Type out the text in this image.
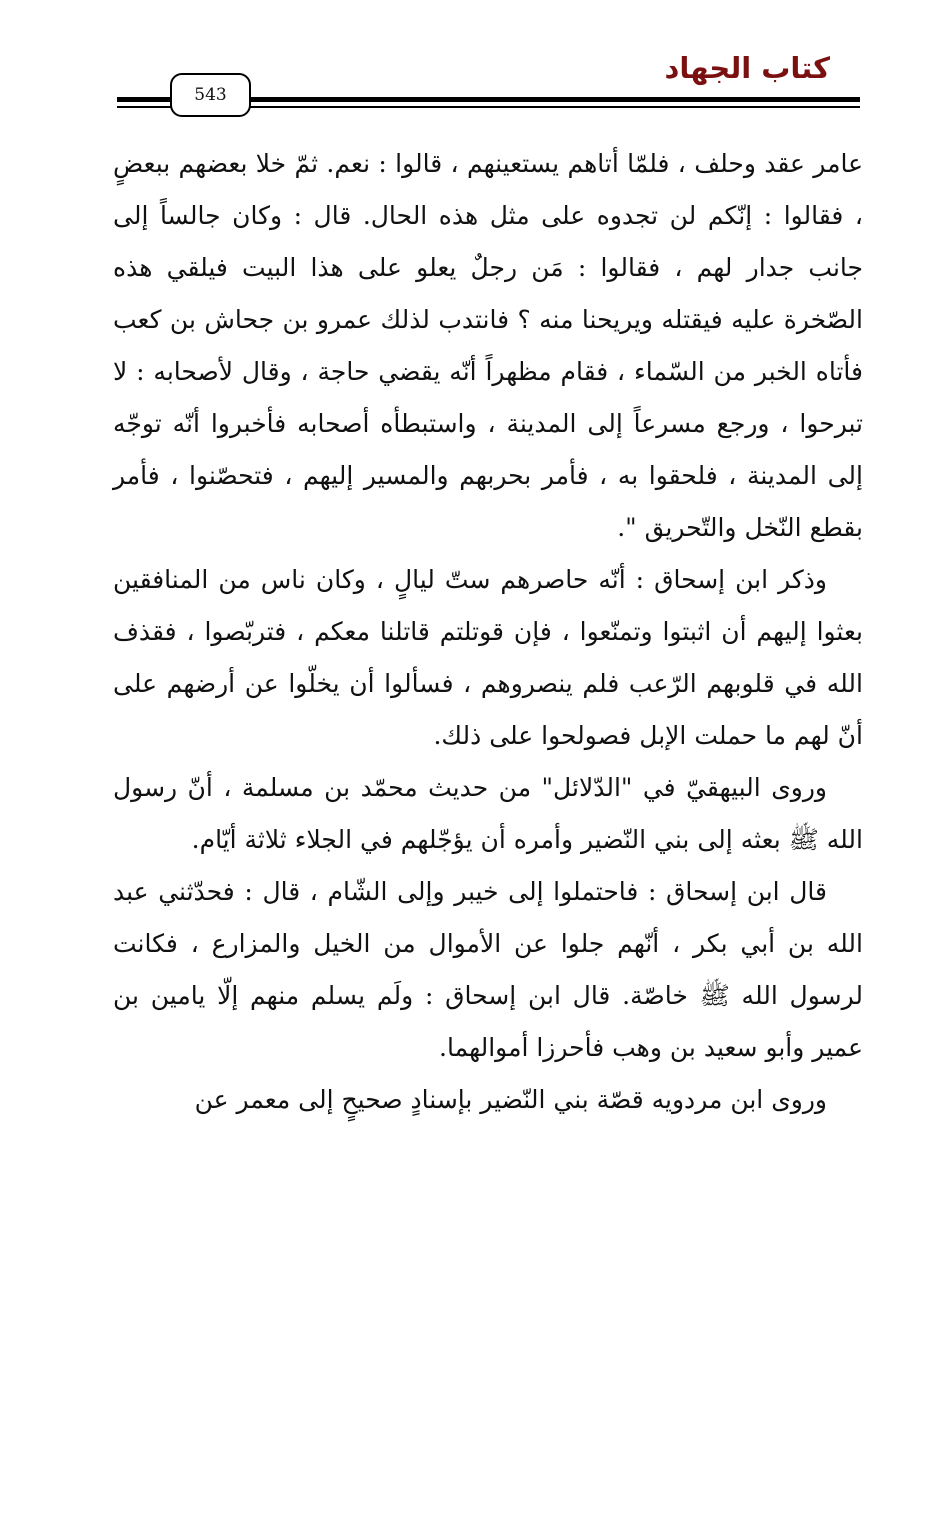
كتاب الجهاد
543

عامر عقد وحلف ، فلمّا أتاهم يستعينهم ، قالوا : نعم. ثمّ خلا بعضهم ببعضٍ ، فقالوا : إنّكم لن تجدوه على مثل هذه الحال. قال : وكان جالساً إلى جانب جدار لهم ، فقالوا : مَن رجلٌ يعلو على هذا البيت فيلقي هذه الصّخرة عليه فيقتله ويريحنا منه ؟ فانتدب لذلك عمرو بن جحاش بن كعب فأتاه الخبر من السّماء ، فقام مظهراً أنّه يقضي حاجة ، وقال لأصحابه : لا تبرحوا ، ورجع مسرعاً إلى المدينة ، واستبطأه أصحابه فأخبروا أنّه توجّه إلى المدينة ، فلحقوا به ، فأمر بحربهم والمسير إليهم ، فتحصّنوا ، فأمر بقطع النّخل والتّحريق ".

وذكر ابن إسحاق : أنّه حاصرهم ستّ ليالٍ ، وكان ناس من المنافقين بعثوا إليهم أن اثبتوا وتمنّعوا ، فإن قوتلتم قاتلنا معكم ، فتربّصوا ، فقذف الله في قلوبهم الرّعب فلم ينصروهم ، فسألوا أن يخلّوا عن أرضهم على أنّ لهم ما حملت الإبل فصولحوا على ذلك.

وروى البيهقيّ في "الدّلائل" من حديث محمّد بن مسلمة ، أنّ رسول الله ﷺ بعثه إلى بني النّضير وأمره أن يؤجّلهم في الجلاء ثلاثة أيّام.

قال ابن إسحاق : فاحتملوا إلى خيبر وإلى الشّام ، قال : فحدّثني عبد الله بن أبي بكر ، أنّهم جلوا عن الأموال من الخيل والمزارع ، فكانت لرسول الله ﷺ خاصّة. قال ابن إسحاق : ولَم يسلم منهم إلّا يامين بن عمير وأبو سعيد بن وهب فأحرزا أموالهما.

وروى ابن مردويه قصّة بني النّضير بإسنادٍ صحيحٍ إلى معمر عن
